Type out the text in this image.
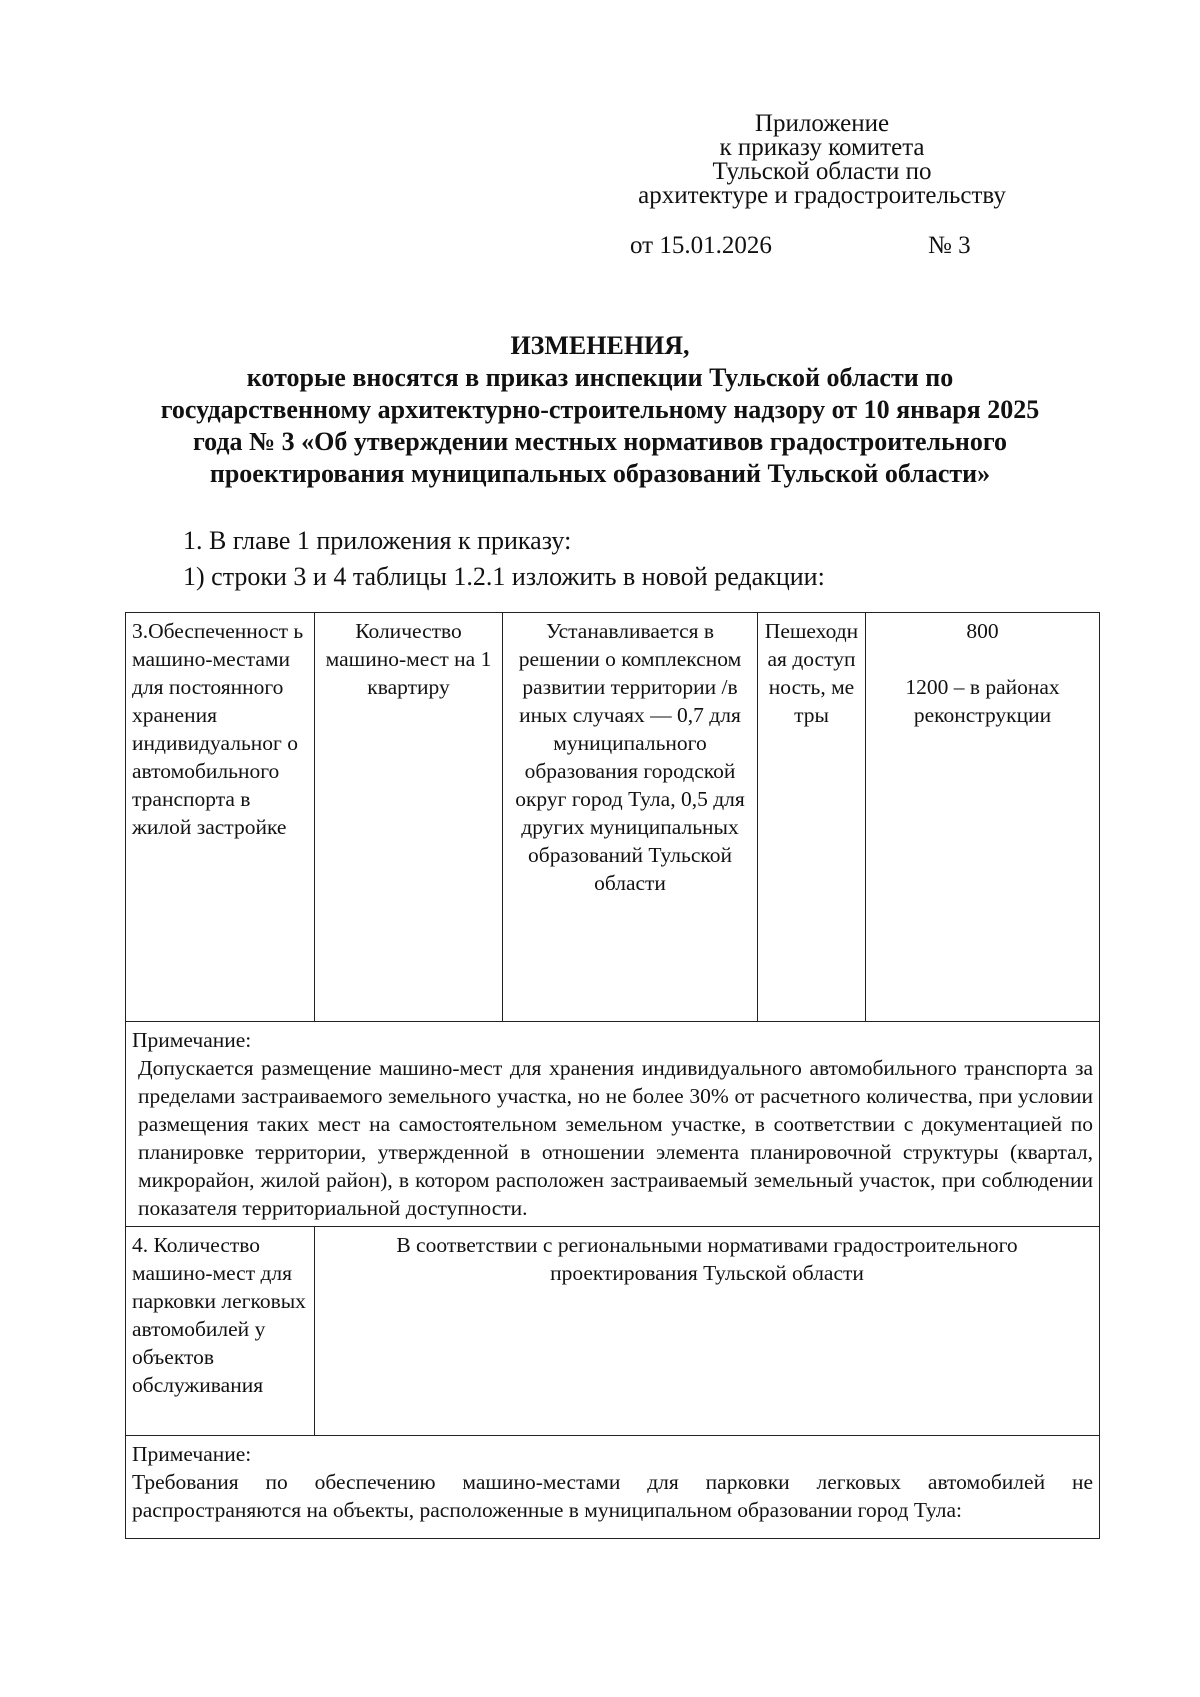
Приложение
к приказу комитета
Тульской области по
архитектуре и градостроительству
от 15.01.2026	№ 3
ИЗМЕНЕНИЯ,
которые вносятся в приказ инспекции Тульской области по
государственному архитектурно-строительному надзору от 10 января 2025
года № 3 «Об утверждении местных нормативов градостроительного
проектирования муниципальных образований Тульской области»
1. В главе 1 приложения к приказу:
1) строки 3 и 4 таблицы 1.2.1 изложить в новой редакции:
3.Обеспеченност ь машино-местами для постоянного хранения индивидуальног о автомобильного транспорта в жилой застройке	Количество машино-мест на 1 квартиру	Устанавливается в решении о комплексном развитии территории /в иных случаях — 0,7 для муниципального образования городской округ город Тула, 0,5 для других муниципальных образований Тульской области	Пешеходная доступность, метры	800
1200 – в районах реконструкции

Примечание:
Допускается размещение машино-мест для хранения индивидуального автомобильного транспорта за пределами застраиваемого земельного участка, но не более 30% от расчетного количества, при условии размещения таких мест на самостоятельном земельном участке, в соответствии с документацией по планировке территории, утвержденной в отношении элемента планировочной структуры (квартал, микрорайон, жилой район), в котором расположен застраиваемый земельный участок, при соблюдении показателя территориальной доступности.				

4. Количество машино-мест для парковки легковых автомобилей у объектов обслуживания	В соответствии с региональными нормативами градостроительного проектирования Тульской области			

Примечание:
Требования по обеспечению машино-местами для парковки легковых автомобилей не распространяются на объекты, расположенные в муниципальном образовании город Тула:				
